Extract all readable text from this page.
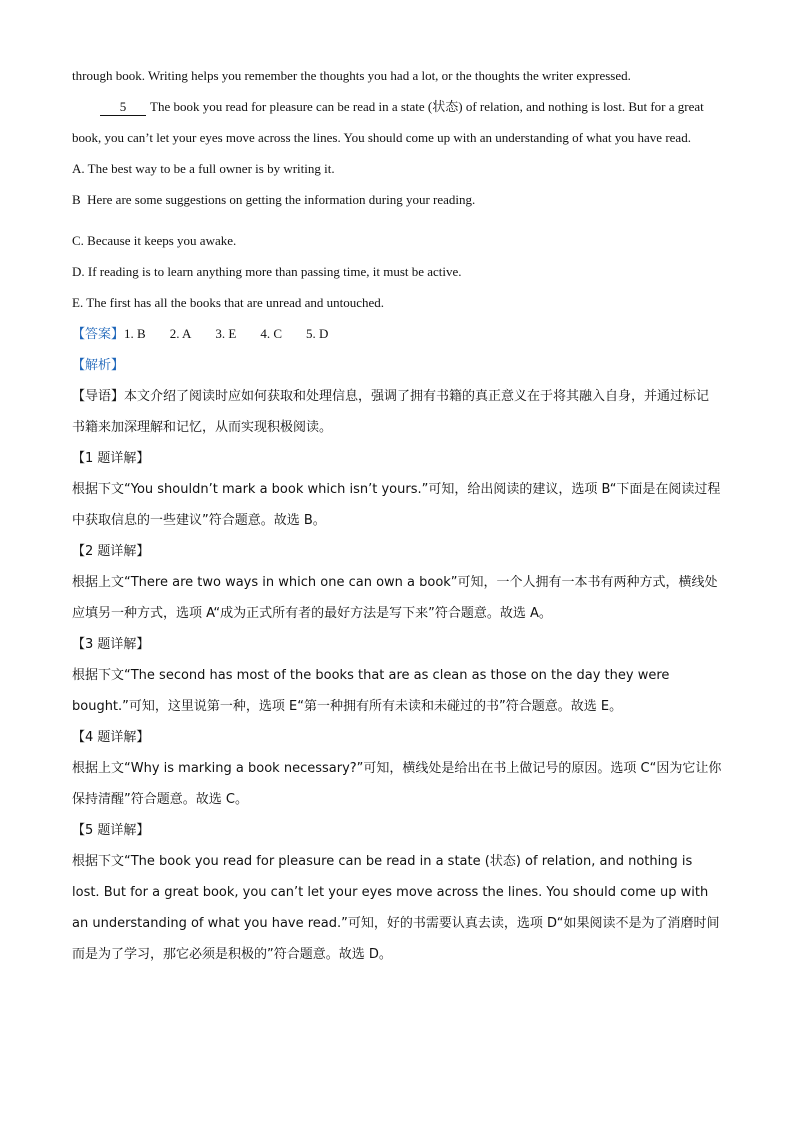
through book. Writing helps you remember the thoughts you had a lot, or the thoughts the writer expressed.

5 The book you read for pleasure can be read in a state (状态) of relation, and nothing is lost. But for a great book, you can’t let your eyes move across the lines. You should come up with an understanding of what you have read.

A. The best way to be a full owner is by writing it.
B Here are some suggestions on getting the information during your reading.
C. Because it keeps you awake.
D. If reading is to learn anything more than passing time, it must be active.
E. The first has all the books that are unread and untouched.
【答案】 1. B 2. A 3. E 4. C 5. D
【解析】

【导语】本文介绍了阅读时应如何获取和处理信息，强调了拥有书籍的真正意义在于将其融入自身，并通过标记书籍来加深理解和记忆，从而实现积极阅读。

【1 题详解】

根据下文“You shouldn’t mark a book which isn’t yours.”可知，给出阅读的建议，选项 B“下面是在阅读过程中获取信息的一些建议”符合题意。故选 B。

【2 题详解】

根据上文“There are two ways in which one can own a book”可知，一个人拥有一本书有两种方式，横线处应填另一种方式，选项 A“成为正式所有者的最好方法是写下来”符合题意。故选 A。

【3 题详解】

根据下文“The second has most of the books that are as clean as those on the day they were bought.”可知，这里说第一种，选项 E“第一种拥有所有未读和未碰过的书”符合题意。故选 E。

【4 题详解】

根据上文“Why is marking a book necessary?”可知，横线处是给出在书上做记号的原因。选项 C“因为它让你保持清醒”符合题意。故选 C。

【5 题详解】

根据下文“The book you read for pleasure can be read in a state (状态) of relation, and nothing is lost. But for a great book, you can’t let your eyes move across the lines. You should come up with an understanding of what you have read.”可知，好的书需要认真去读，选项 D“如果阅读不是为了消磨时间而是为了学习，那它必须是积极的”符合题意。故选 D。
